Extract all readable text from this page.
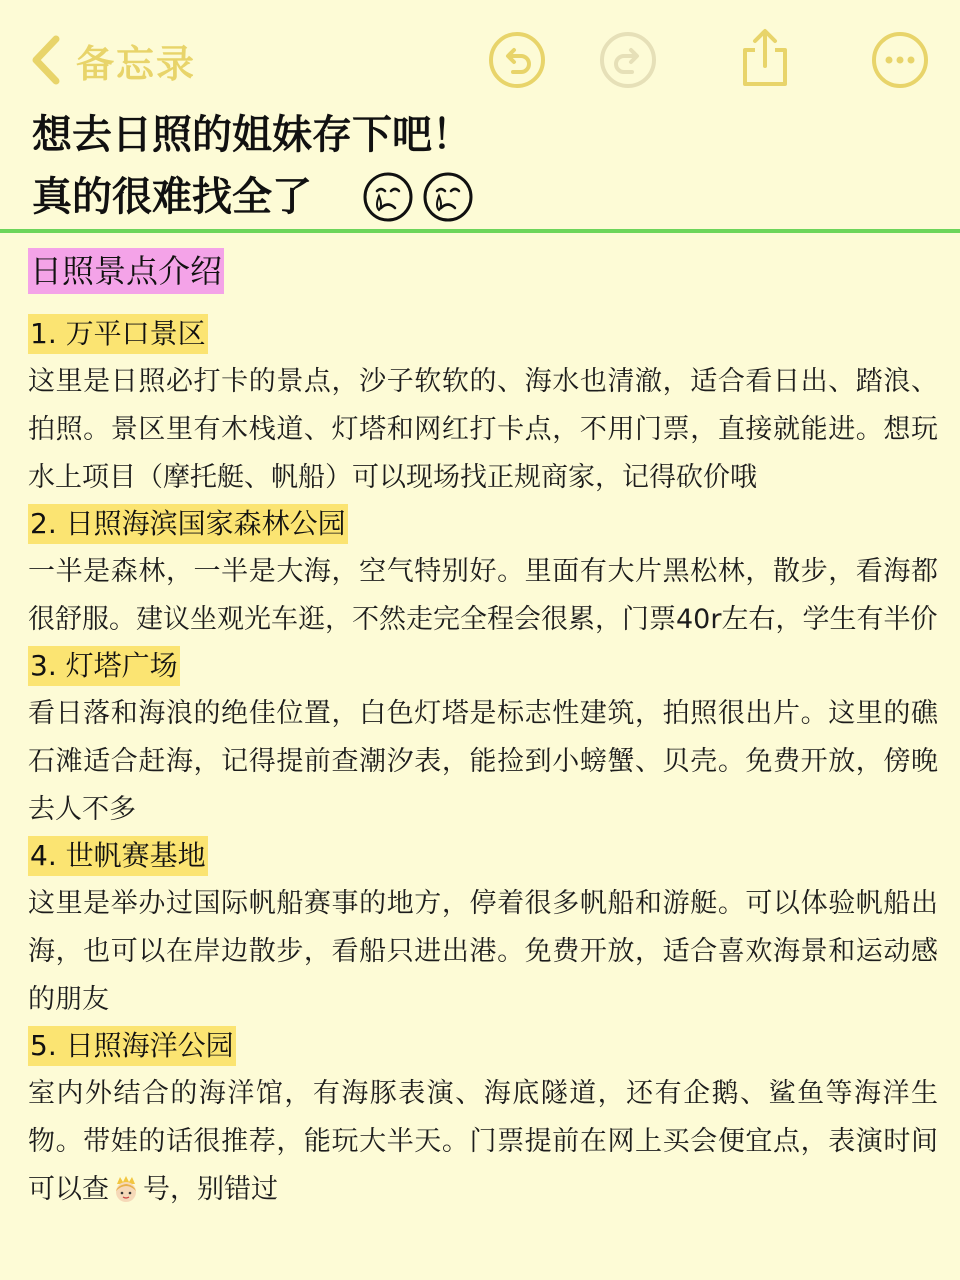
备忘录
想去日照的姐妹存下吧！
真的很难找全了
日照景点介绍
1. 万平口景区
这里是日照必打卡的景点，沙子软软的、海水也清澈，适合看日出、踏浪、拍照。景区里有木栈道、灯塔和网红打卡点，不用门票，直接就能进。想玩水上项目（摩托艇、帆船）可以现场找正规商家，记得砍价哦
2. 日照海滨国家森林公园
一半是森林，一半是大海，空气特别好。里面有大片黑松林，散步，看海都很舒服。建议坐观光车逛，不然走完全程会很累，门票40r左右，学生有半价
3. 灯塔广场
看日落和海浪的绝佳位置，白色灯塔是标志性建筑，拍照很出片。这里的礁石滩适合赶海，记得提前查潮汐表，能捡到小螃蟹、贝壳。免费开放，傍晚去人不多
4. 世帆赛基地
这里是举办过国际帆船赛事的地方，停着很多帆船和游艇。可以体验帆船出海，也可以在岸边散步，看船只进出港。免费开放，适合喜欢海景和运动感的朋友
5. 日照海洋公园
室内外结合的海洋馆，有海豚表演、海底隧道，还有企鹅、鲨鱼等海洋生物。带娃的话很推荐，能玩大半天。门票提前在网上买会便宜点，表演时间可以查 号，别错过
